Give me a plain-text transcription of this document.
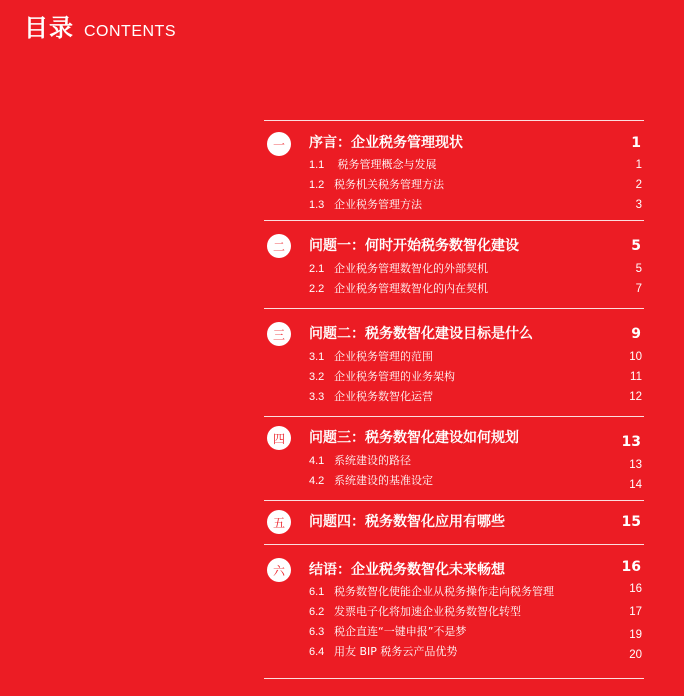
目录 CONTENTS
一	序言：企业税务管理现状	1
1.1 税务管理概念与发展	1
1.2 税务机关税务管理方法	2
1.3 企业税务管理方法	3
二	问题一：何时开始税务数智化建设	5
2.1 企业税务管理数智化的外部契机	5
2.2 企业税务管理数智化的内在契机	7
三	问题二：税务数智化建设目标是什么	9
3.1 企业税务管理的范围	10
3.2 企业税务管理的业务架构	11
3.3 企业税务数智化运营	12
四	问题三：税务数智化建设如何规划	13
4.1 系统建设的路径	13
4.2 系统建设的基准设定	14
五	问题四：税务数智化应用有哪些	15
六	结语：企业税务数智化未来畅想	16
6.1 税务数智化使能企业从税务操作走向税务管理	16
6.2 发票电子化将加速企业税务数智化转型	17
6.3 税企直连“一键申报”不是梦	19
6.4 用友 BIP 税务云产品优势	20
